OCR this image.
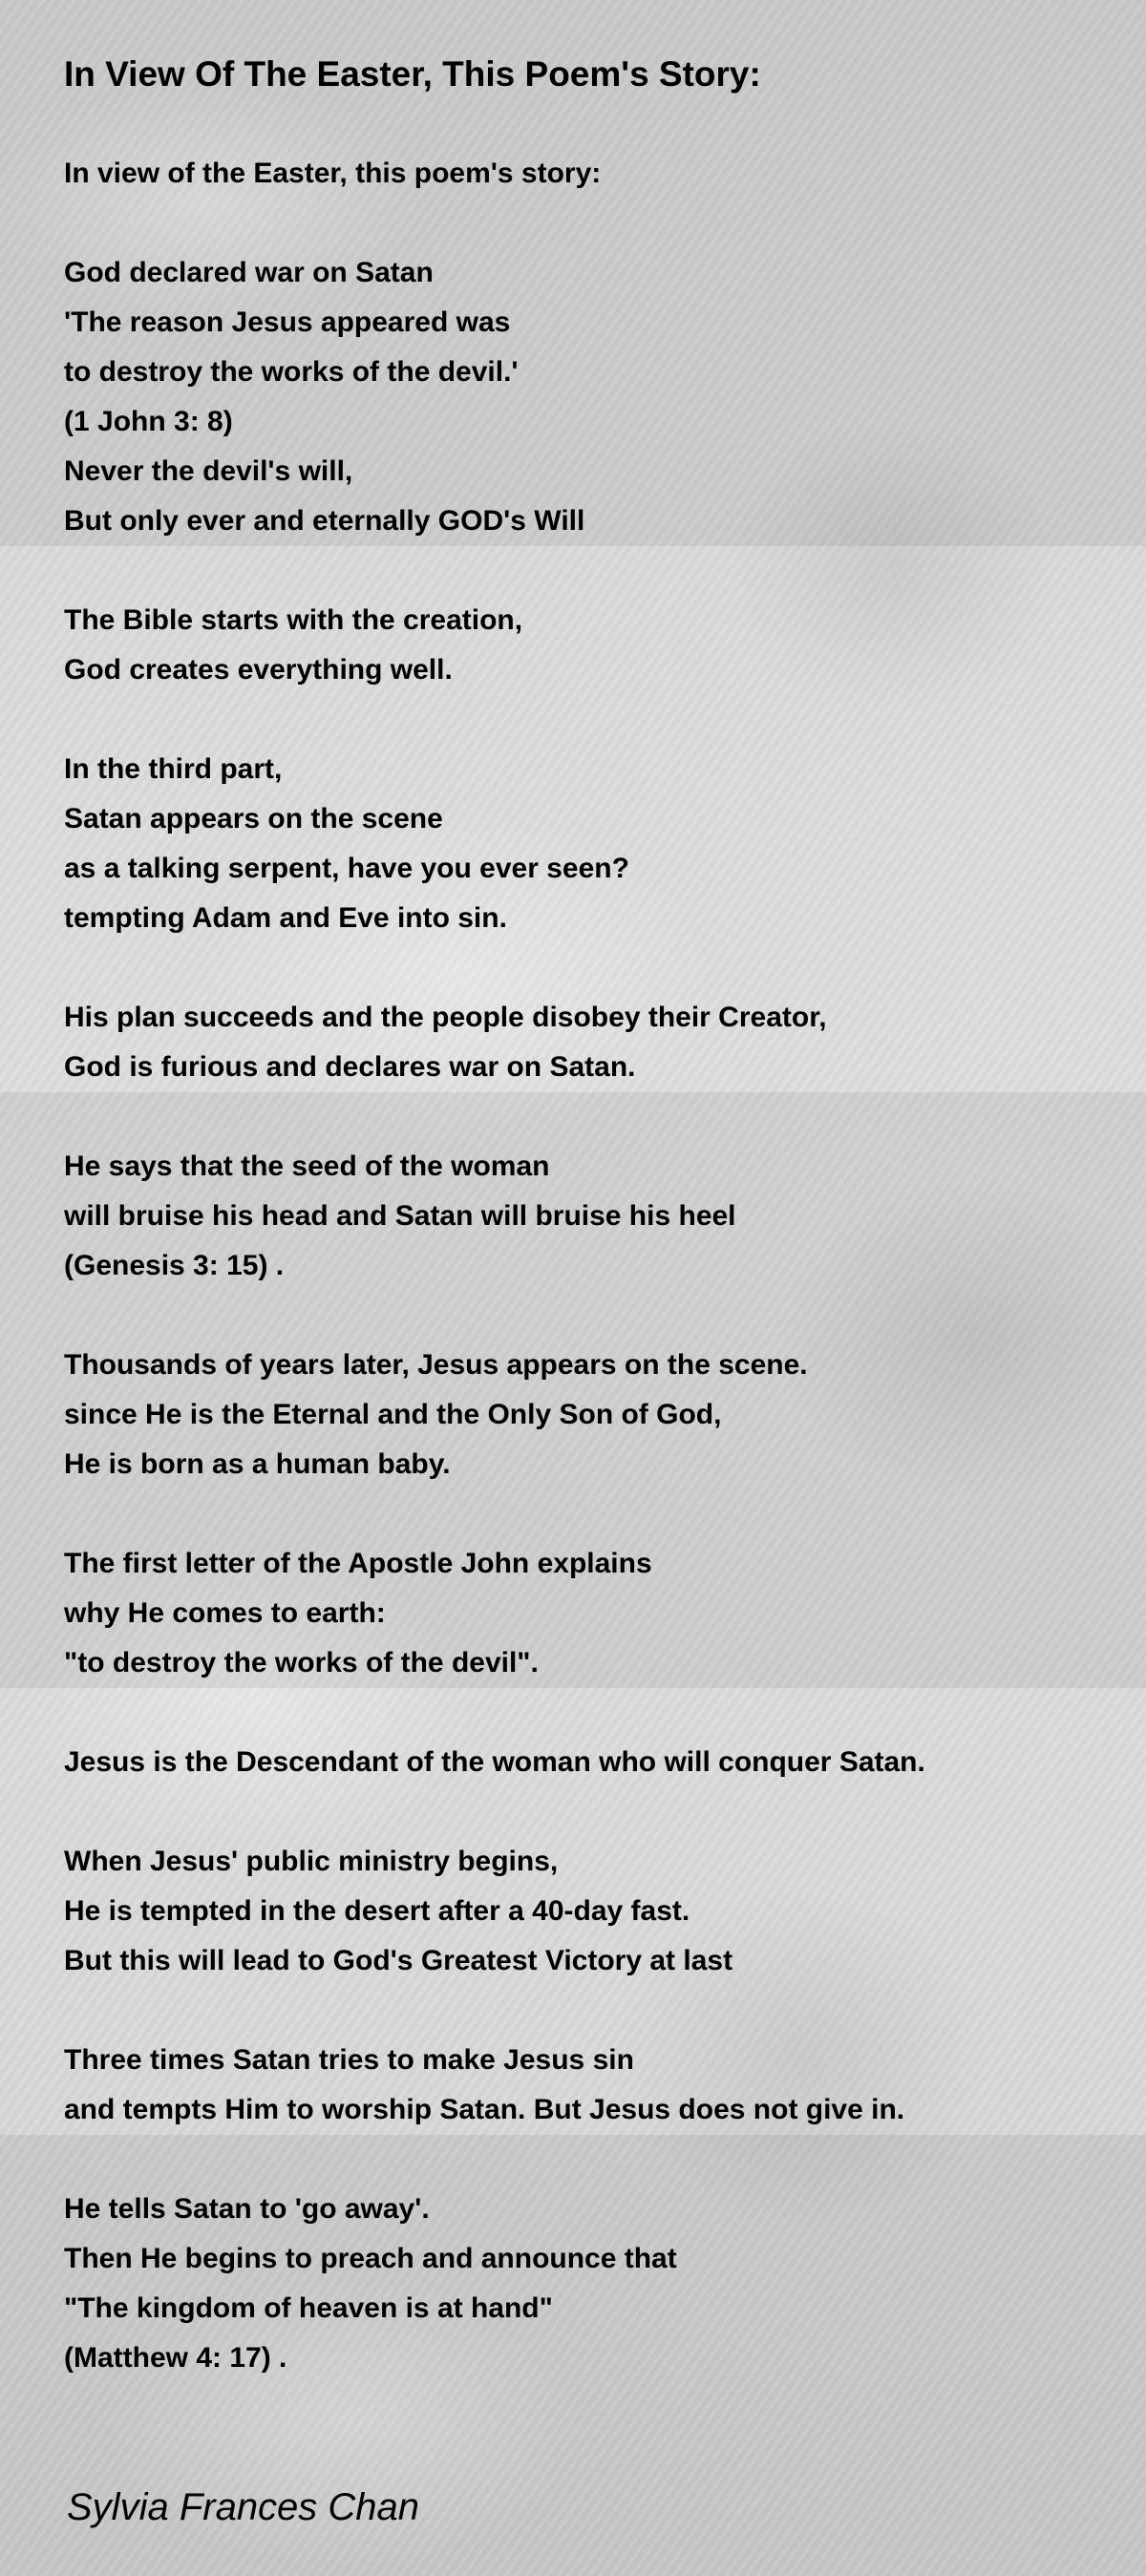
In View Of The Easter, This Poem's Story:
In view of the Easter, this poem's story:
God declared war on Satan
'The reason Jesus appeared was
to destroy the works of the devil.'
(1 John 3: 8)
Never the devil's will,
But only ever and eternally GOD's Will
The Bible starts with the creation,
God creates everything well.
In the third part,
Satan appears on the scene
as a talking serpent, have you ever seen?
tempting Adam and Eve into sin.
His plan succeeds and the people disobey their Creator,
God is furious and declares war on Satan.
He says that the seed of the woman
will bruise his head and Satan will bruise his heel
(Genesis 3: 15) .
Thousands of years later, Jesus appears on the scene.
since He is the Eternal and the Only Son of God,
He is born as a human baby.
The first letter of the Apostle John explains
why He comes to earth:
"to destroy the works of the devil".
Jesus is the Descendant of the woman who will conquer Satan.
When Jesus' public ministry begins,
He is tempted in the desert after a 40-day fast.
But this will lead to God's Greatest Victory at last
Three times Satan tries to make Jesus sin
and tempts Him to worship Satan. But Jesus does not give in.
He tells Satan to 'go away'.
Then He begins to preach and announce that
"The kingdom of heaven is at hand"
(Matthew 4: 17) .
Sylvia Frances Chan
